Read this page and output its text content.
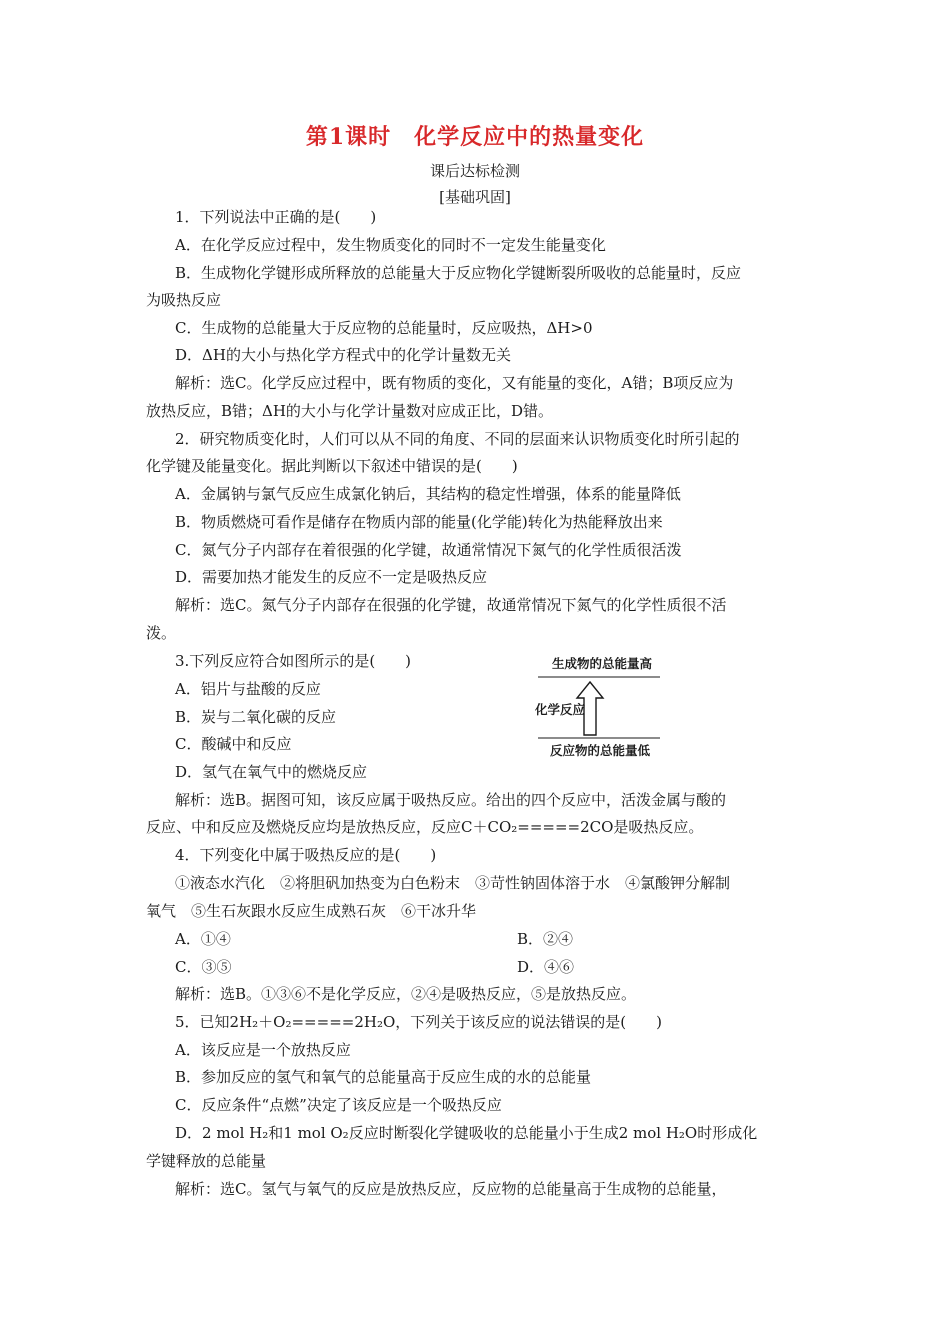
第1课时　化学反应中的热量变化
课后达标检测
[基础巩固]
1．下列说法中正确的是(　　)
A．在化学反应过程中，发生物质变化的同时不一定发生能量变化
B．生成物化学键形成所释放的总能量大于反应物化学键断裂所吸收的总能量时，反应
为吸热反应
C．生成物的总能量大于反应物的总能量时，反应吸热，ΔH>0
D．ΔH的大小与热化学方程式中的化学计量数无关
解析：选C。化学反应过程中，既有物质的变化，又有能量的变化，A错；B项反应为
放热反应，B错；ΔH的大小与化学计量数对应成正比，D错。
2．研究物质变化时，人们可以从不同的角度、不同的层面来认识物质变化时所引起的
化学键及能量变化。据此判断以下叙述中错误的是(　　)
A．金属钠与氯气反应生成氯化钠后，其结构的稳定性增强，体系的能量降低
B．物质燃烧可看作是储存在物质内部的能量(化学能)转化为热能释放出来
C．氮气分子内部存在着很强的化学键，故通常情况下氮气的化学性质很活泼
D．需要加热才能发生的反应不一定是吸热反应
解析：选C。氮气分子内部存在很强的化学键，故通常情况下氮气的化学性质很不活
泼。
3.下列反应符合如图所示的是(　　)
A．铝片与盐酸的反应
B．炭与二氧化碳的反应
C．酸碱中和反应
D．氢气在氧气中的燃烧反应
生成物的总能量高
化学反应
反应物的总能量低
解析：选B。据图可知，该反应属于吸热反应。给出的四个反应中，活泼金属与酸的
反应、中和反应及燃烧反应均是放热反应，反应C＋CO₂=====2CO是吸热反应。
4．下列变化中属于吸热反应的是(　　)
①液态水汽化　②将胆矾加热变为白色粉末　③苛性钠固体溶于水　④氯酸钾分解制
氧气　⑤生石灰跟水反应生成熟石灰　⑥干冰升华
A．①④	B．②④
C．③⑤	D．④⑥
解析：选B。①③⑥不是化学反应，②④是吸热反应，⑤是放热反应。
5．已知2H₂＋O₂=====2H₂O，下列关于该反应的说法错误的是(　　)
A．该反应是一个放热反应
B．参加反应的氢气和氧气的总能量高于反应生成的水的总能量
C．反应条件“点燃”决定了该反应是一个吸热反应
D．2 mol H₂和1 mol O₂反应时断裂化学键吸收的总能量小于生成2 mol H₂O时形成化
学键释放的总能量
解析：选C。氢气与氧气的反应是放热反应，反应物的总能量高于生成物的总能量，
